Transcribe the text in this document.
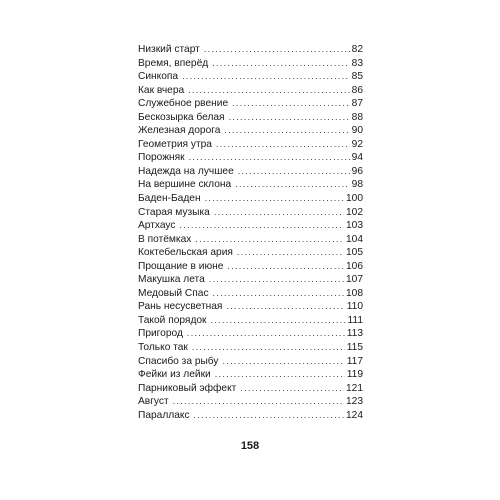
Низкий старт . . .	82
Время, вперёд . . .	83
Синкопа . . .	85
Как вчера . . .	86
Служебное рвение . . .	87
Бескозырка белая . . .	88
Железная дорога . . .	90
Геометрия утра . . .	92
Порожняк . . .	94
Надежда на лучшее . . .	96
На вершине склона . . .	98
Баден-Баден . . .	100
Старая музыка . . .	102
Артхаус . . .	103
В потёмках . . .	104
Коктебельская ария . . .	105
Прощание в июне . . .	106
Макушка лета . . .	107
Медовый Спас . . .	108
Рань несусветная . . .	110
Такой порядок . . .	111
Пригород . . .	113
Только так . . .	115
Спасибо за рыбу . . .	117
Фейки из лейки . . .	119
Парниковый эффект . . .	121
Август . . .	123
Параллакс . . .	124
158
